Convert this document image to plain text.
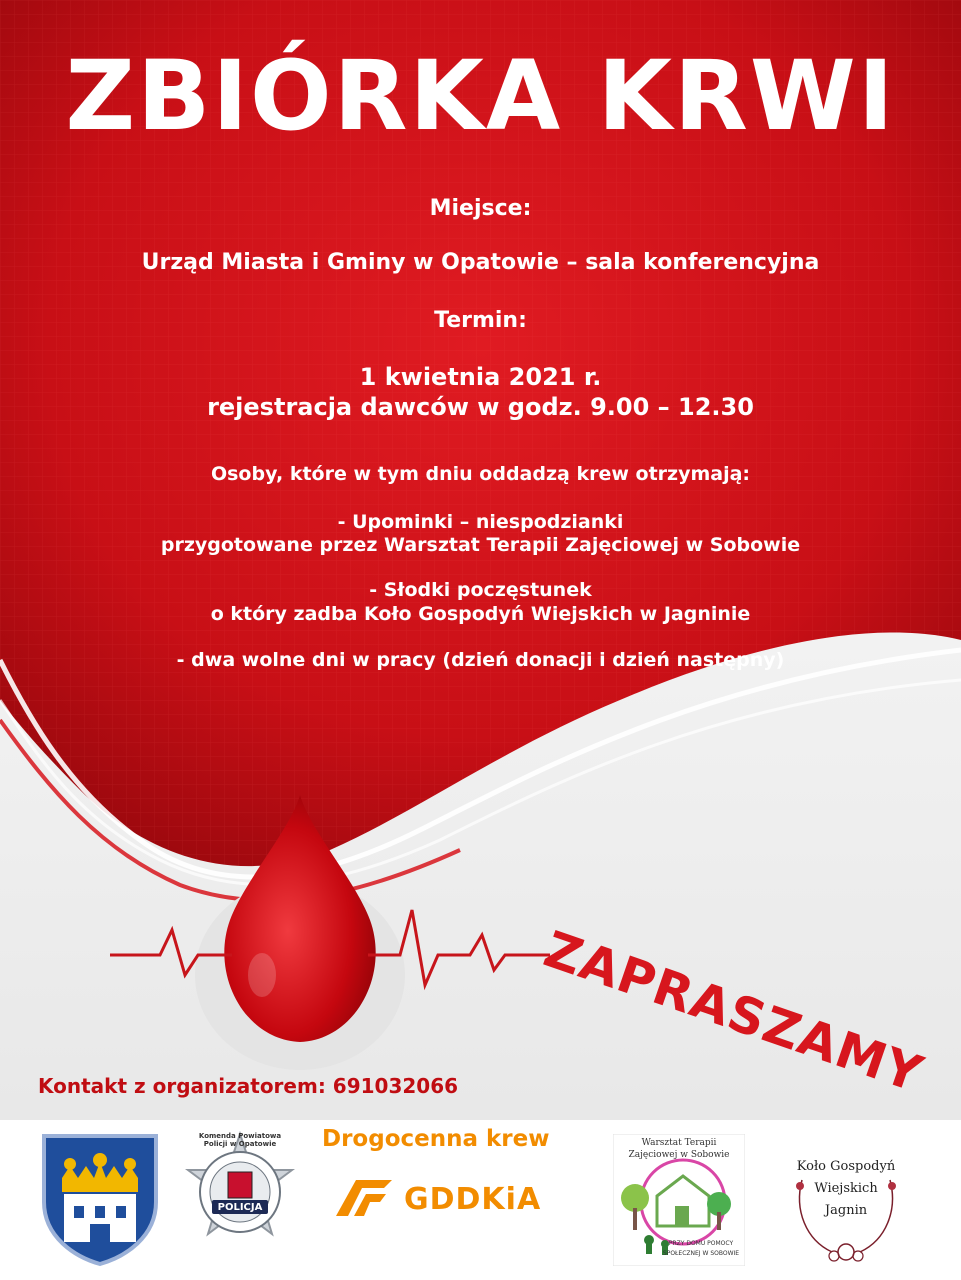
ZBIÓRKA KRWI
Miejsce:
Urząd Miasta i Gminy w Opatowie – sala konferencyjna
Termin:
1 kwietnia 2021 r.
rejestracja dawców w godz. 9.00 – 12.30
Osoby, które w tym dniu oddadzą krew otrzymają:
- Upominki – niespodzianki
przygotowane przez Warsztat Terapii Zajęciowej w Sobowie
- Słodki poczęstunek
o który zadba Koło Gospodyń Wiejskich w Jagninie
- dwa wolne dni w pracy (dzień donacji i dzień następny)
ZAPRASZAMY
Kontakt z organizatorem: 691032066
Komenda Powiatowa Policji w Opatowie
POLICJA
Drogocenna krew
GDDKiA
Warsztat Terapii
Zajęciowej w Sobowie
PRZY DOMU POMOCY
SPOŁECZNEJ W SOBOWIE
Koło Gospodyń
Wiejskich
Jagnin
